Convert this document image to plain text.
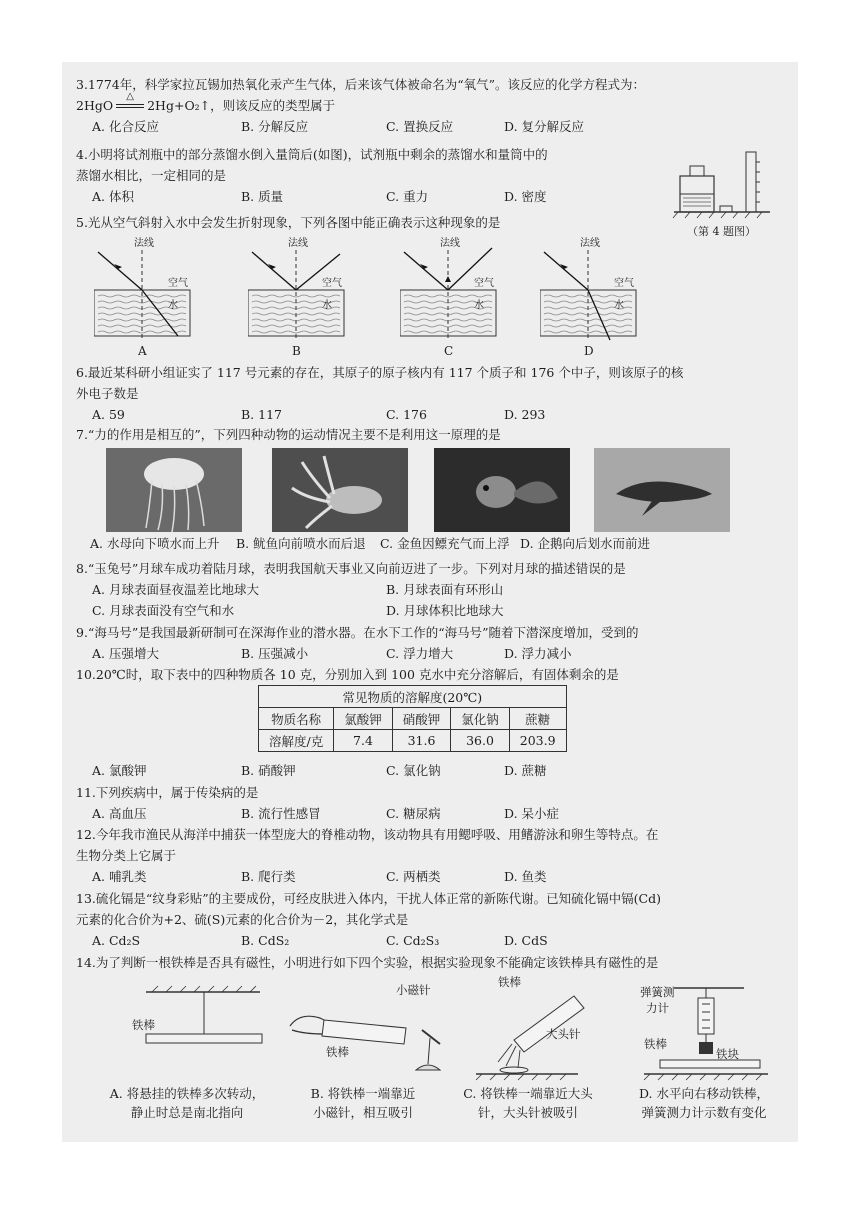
3.1774年，科学家拉瓦锡加热氧化汞产生气体，后来该气体被命名为“氧气”。该反应的化学方程式为：
2HgO
△
2Hg+O₂↑，则该反应的类型属于
A. 化合反应	B. 分解反应	C. 置换反应	D. 复分解反应
4.小明将试剂瓶中的部分蒸馏水倒入量筒后(如图)，试剂瓶中剩余的蒸馏水和量筒中的
蒸馏水相比，一定相同的是
A. 体积	B. 质量	C. 重力	D. 密度
（第 4 题图）
5.光从空气斜射入水中会发生折射现象，下列各图中能正确表示这种现象的是
法线
空气
水
A
法线
空气
水
B
法线
空气
水
C
法线
空气
水
D
6.最近某科研小组证实了 117 号元素的存在，其原子的原子核内有 117 个质子和 176 个中子，则该原子的核
外电子数是
A. 59	B. 117	C. 176	D. 293
7.“力的作用是相互的”，下列四种动物的运动情况主要不是利用这一原理的是
A. 水母向下喷水而上升 B. 鱿鱼向前喷水而后退 C. 金鱼因鳔充气而上浮 D. 企鹅向后划水而前进
8.“玉兔号”月球车成功着陆月球，表明我国航天事业又向前迈进了一步。下列对月球的描述错误的是
A. 月球表面昼夜温差比地球大	B. 月球表面有环形山
C. 月球表面没有空气和水	D. 月球体积比地球大
9.“海马号”是我国最新研制可在深海作业的潜水器。在水下工作的“海马号”随着下潜深度增加，受到的
A. 压强增大	B. 压强减小	C. 浮力增大	D. 浮力减小
10.20℃时，取下表中的四种物质各 10 克，分别加入到 100 克水中充分溶解后，有固体剩余的是
常见物质的溶解度(20℃)				
物质名称	氯酸钾	硝酸钾	氯化钠	蔗糖
溶解度/克	7.4	31.6	36.0	203.9
A. 氯酸钾	B. 硝酸钾	C. 氯化钠	D. 蔗糖
11.下列疾病中，属于传染病的是
A. 高血压	B. 流行性感冒	C. 糖尿病	D. 呆小症
12.今年我市渔民从海洋中捕获一体型庞大的脊椎动物，该动物具有用鳃呼吸、用鳍游泳和卵生等特点。在
生物分类上它属于
A. 哺乳类	B. 爬行类	C. 两栖类	D. 鱼类
13.硫化镉是“纹身彩贴”的主要成份，可经皮肤进入体内，干扰人体正常的新陈代谢。已知硫化镉中镉(Cd)
元素的化合价为+2、硫(S)元素的化合价为－2，其化学式是
A. Cd₂S	B. CdS₂	C. Cd₂S₃	D. CdS
14.为了判断一根铁棒是否具有磁性，小明进行如下四个实验，根据实验现象不能确定该铁棒具有磁性的是
铁棒
小磁针
铁棒
铁棒
大头针
弹簧测
力计
铁块
铁棒
A. 将悬挂的铁棒多次转动，
静止时总是南北指向
B. 将铁棒一端靠近
小磁针，相互吸引
C. 将铁棒一端靠近大头
针，大头针被吸引
D. 水平向右移动铁棒，
弹簧测力计示数有变化
